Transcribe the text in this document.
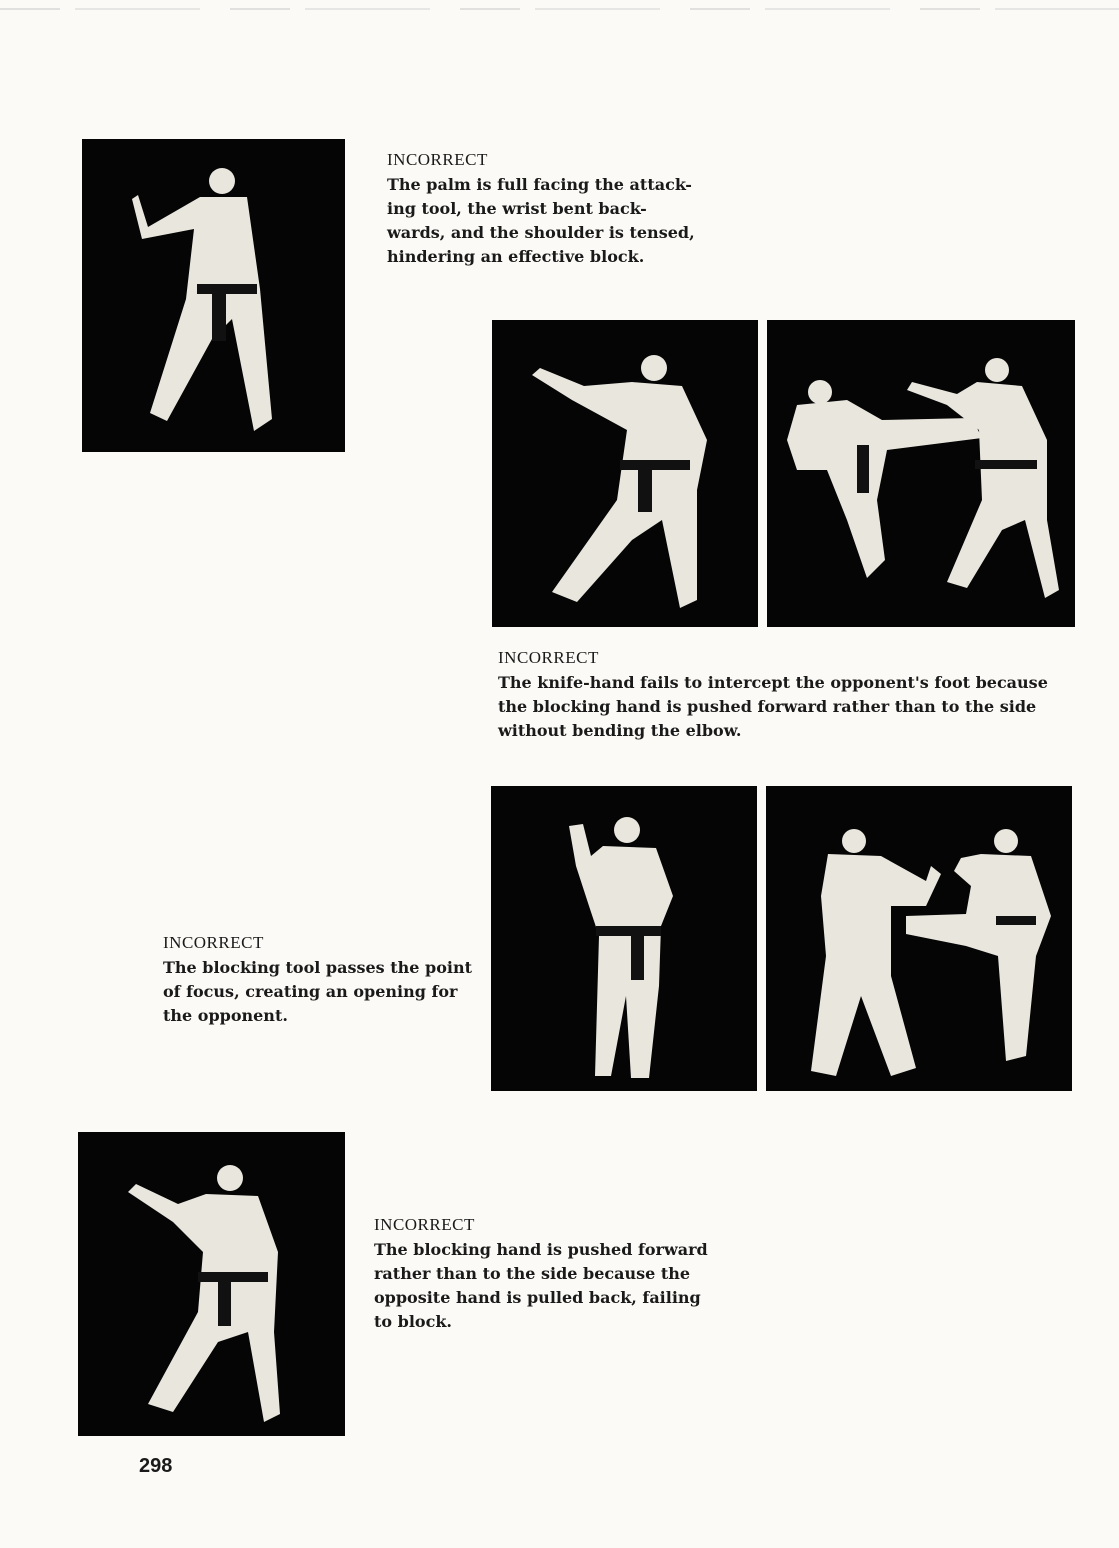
INCORRECT
The palm is full facing the attack-
ing tool, the wrist bent back-
wards, and the shoulder is tensed,
hindering an effective block.
INCORRECT
The knife-hand fails to intercept the opponent's foot because
the blocking hand is pushed forward rather than to the side
without bending the elbow.
INCORRECT
The blocking tool passes the point
of focus, creating an opening for
the opponent.
INCORRECT
The blocking hand is pushed forward
rather than to the side because the
opposite hand is pulled back, failing
to block.
298
